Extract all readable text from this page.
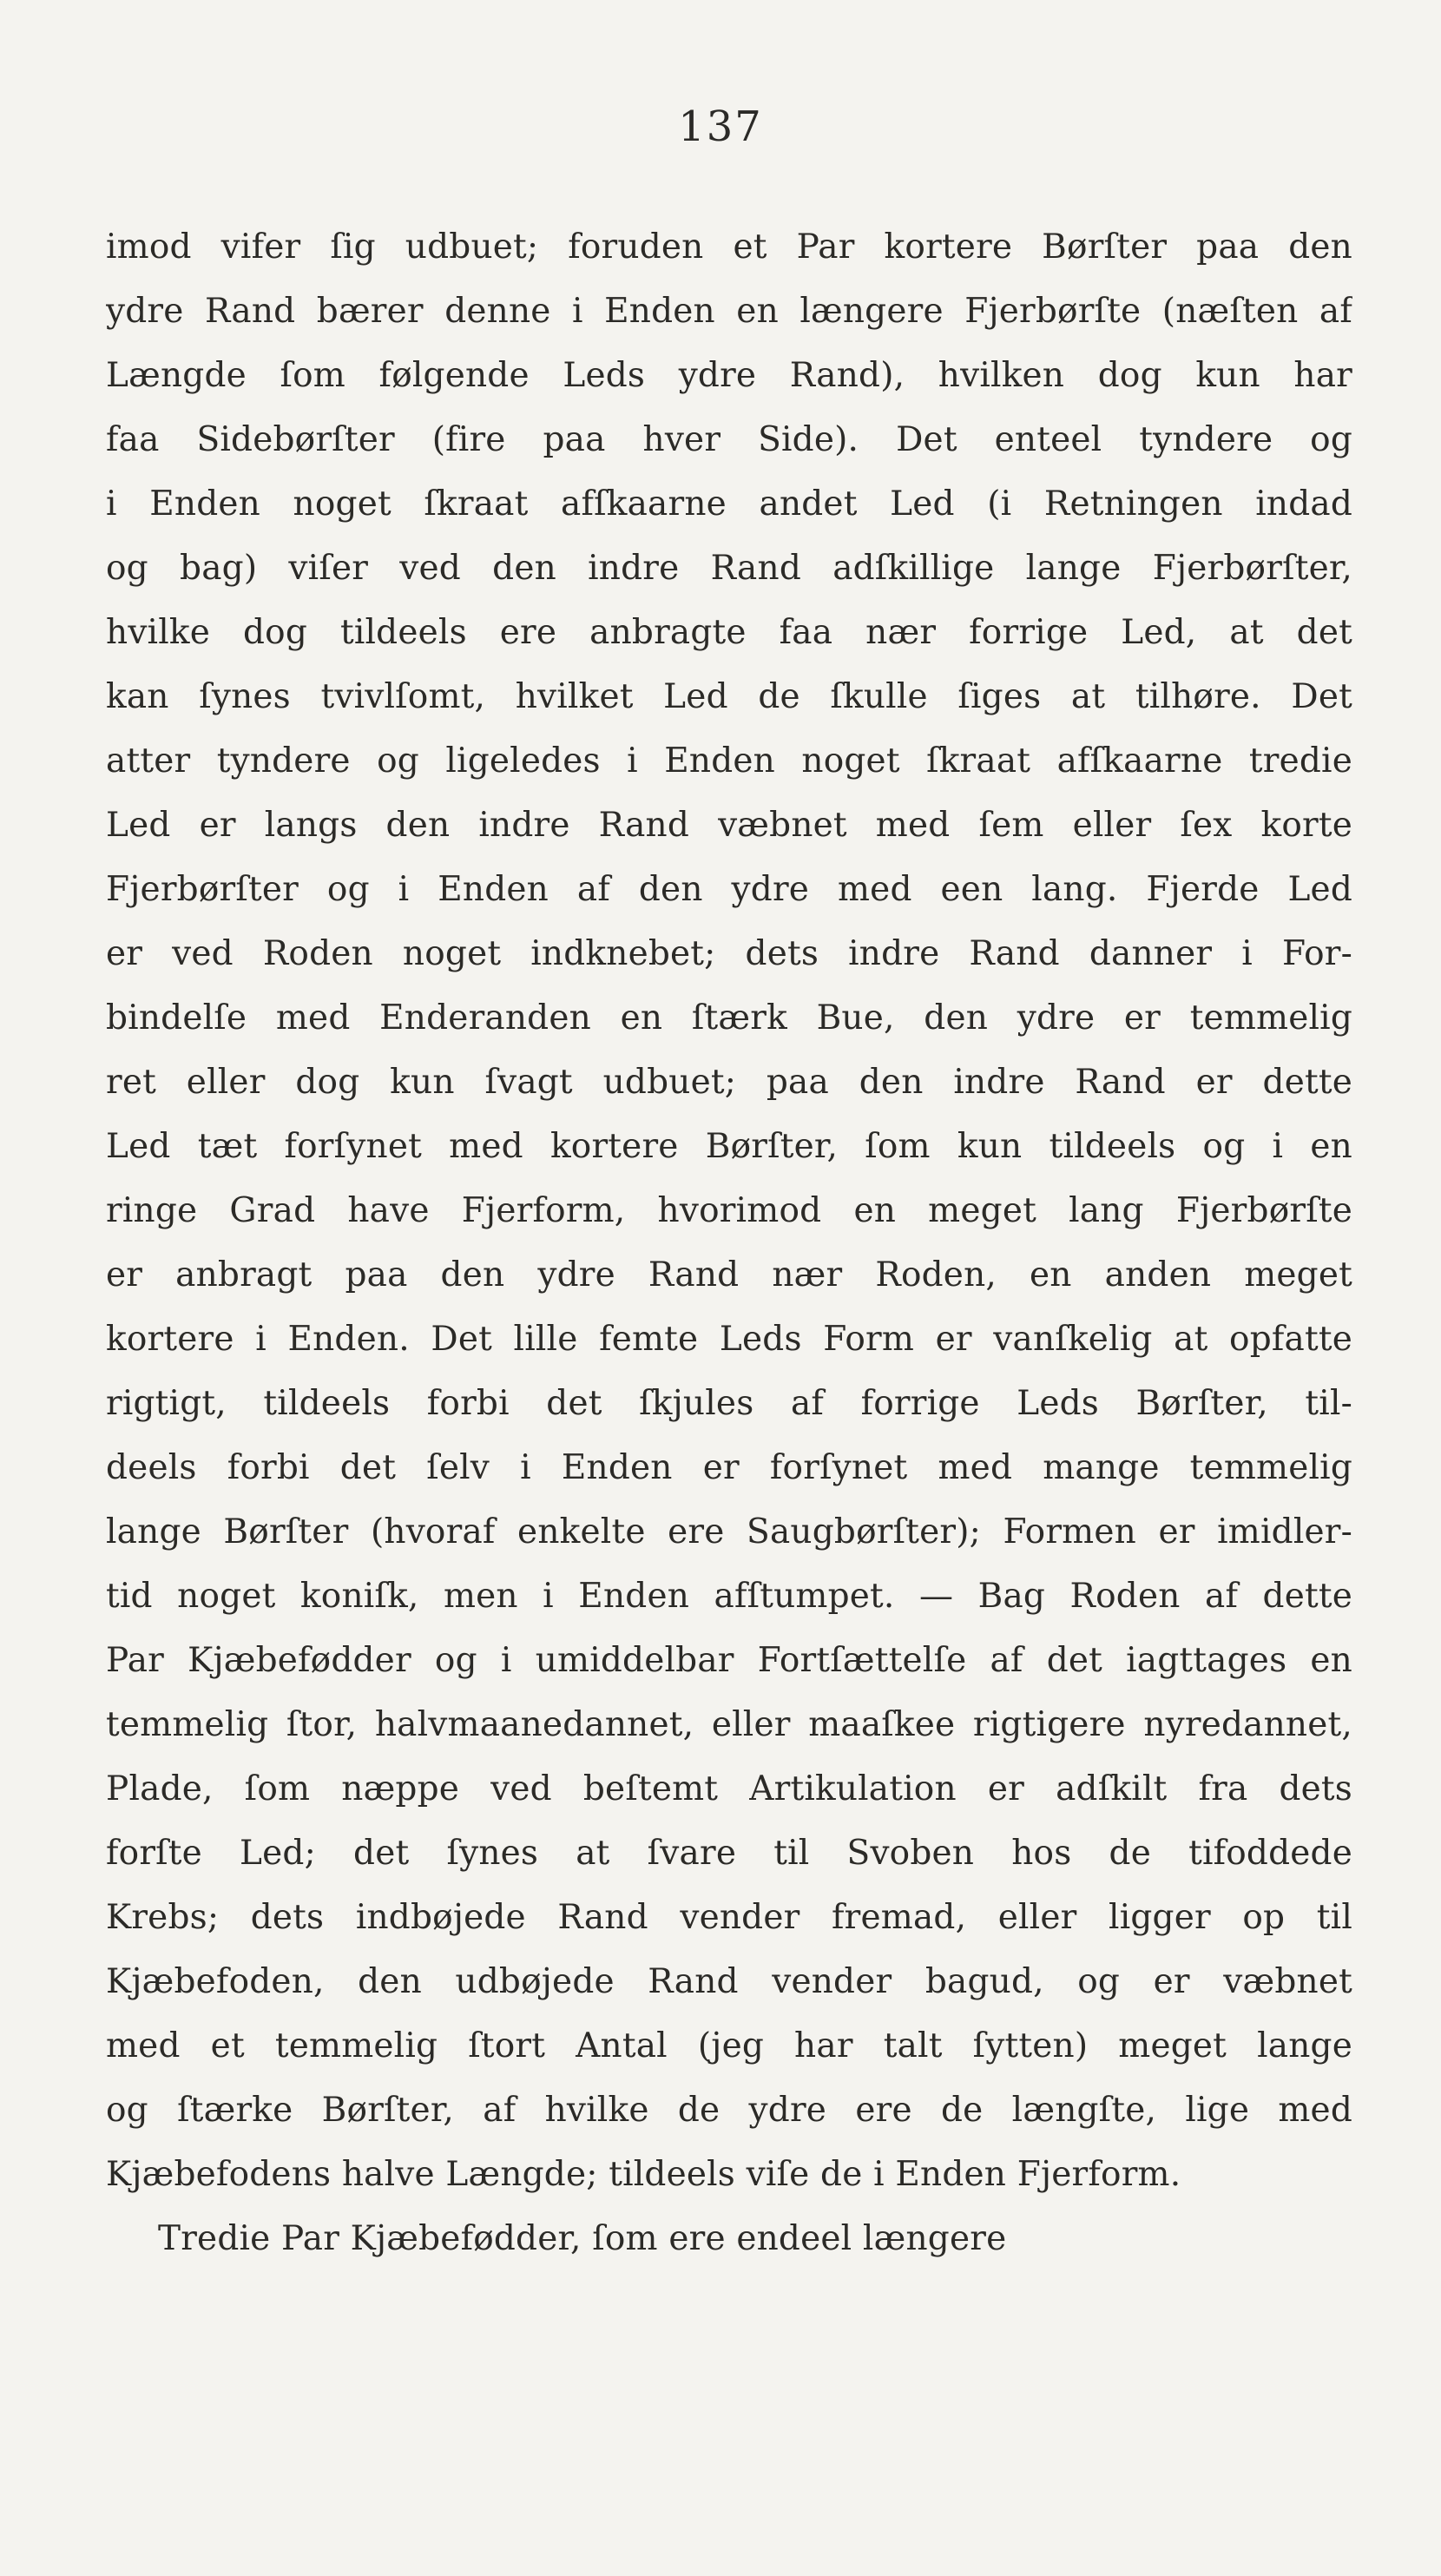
137
imod vifer ſig udbuet; foruden et Par kortere Børſter paa den
ydre Rand bærer denne i Enden en længere Fjerbørſte (næſten af
Længde ſom følgende Leds ydre Rand), hvilken dog kun har
faa Sidebørſter (fire paa hver Side). Det enteel tyndere og
i Enden noget ſkraat afſkaarne andet Led (i Retningen indad
og bag) viſer ved den indre Rand adſkillige lange Fjerbørſter,
hvilke dog tildeels ere anbragte faa nær forrige Led, at det
kan ſynes tvivlſomt, hvilket Led de ſkulle ſiges at tilhøre. Det
atter tyndere og ligeledes i Enden noget ſkraat afſkaarne tredie
Led er langs den indre Rand væbnet med ſem eller ſex korte
Fjerbørſter og i Enden af den ydre med een lang. Fjerde Led
er ved Roden noget indknebet; dets indre Rand danner i For-
bindelſe med Enderanden en ſtærk Bue, den ydre er temmelig
ret eller dog kun ſvagt udbuet; paa den indre Rand er dette
Led tæt forſynet med kortere Børſter, ſom kun tildeels og i en
ringe Grad have Fjerform, hvorimod en meget lang Fjerbørſte
er anbragt paa den ydre Rand nær Roden, en anden meget
kortere i Enden. Det lille femte Leds Form er vanſkelig at opfatte
rigtigt, tildeels forbi det ſkjules af forrige Leds Børſter, til-
deels forbi det ſelv i Enden er forſynet med mange temmelig
lange Børſter (hvoraf enkelte ere Saugbørſter); Formen er imidler-
tid noget koniſk, men i Enden afſtumpet. — Bag Roden af dette
Par Kjæbefødder og i umiddelbar Fortſættelſe af det iagttages en
temmelig ſtor, halvmaanedannet, eller maaſkee rigtigere nyredannet,
Plade, ſom næppe ved beſtemt Artikulation er adſkilt fra dets
forſte Led; det ſynes at ſvare til Svoben hos de tifoddede
Krebs; dets indbøjede Rand vender fremad, eller ligger op til
Kjæbefoden, den udbøjede Rand vender bagud, og er væbnet
med et temmelig ſtort Antal (jeg har talt ſytten) meget lange
og ſtærke Børſter, af hvilke de ydre ere de længſte, lige med
Kjæbefodens halve Længde; tildeels viſe de i Enden Fjerform.
Tredie Par Kjæbefødder, ſom ere endeel længere
